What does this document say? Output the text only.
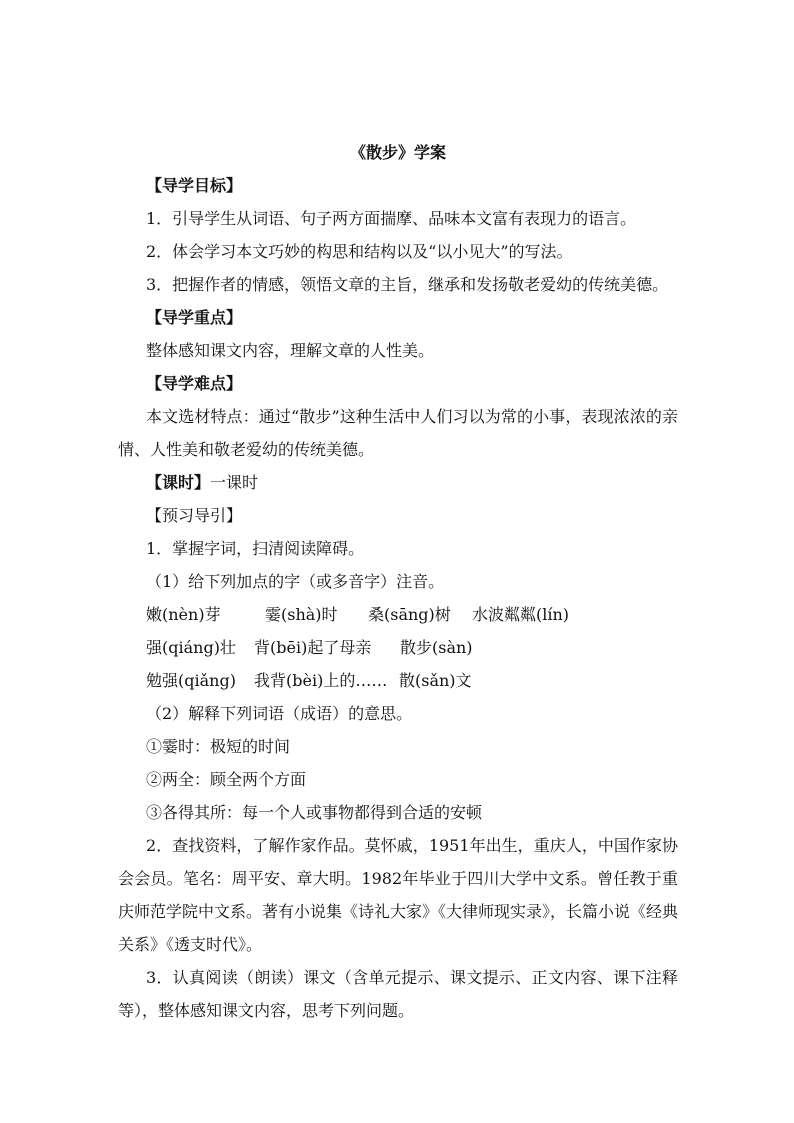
《散步》学案

【导学目标】

1．引导学生从词语、句子两方面揣摩、品味本文富有表现力的语言。

2．体会学习本文巧妙的构思和结构以及“以小见大”的写法。

3．把握作者的情感，领悟文章的主旨，继承和发扬敬老爱幼的传统美德。

【导学重点】

整体感知课文内容，理解文章的人性美。

【导学难点】

本文选材特点：通过“散步”这种生活中人们习以为常的小事，表现浓浓的亲情、人性美和敬老爱幼的传统美德。

【课时】一课时

【预习导引】

1．掌握字词，扫清阅读障碍。

（1）给下列加点的字（或多音字）注音。

嫩(nèn)芽	霎(shà)时 桑(sāng)树 水波粼粼(lín)

强(qiáng)壮 背(bēi)起了母亲 散步(sàn)

勉强(qiǎng) 我背(bèi)上的…… 散(sǎn)文

（2）解释下列词语（成语）的意思。

①霎时：极短的时间

②两全：顾全两个方面

③各得其所：每一个人或事物都得到合适的安顿

2．查找资料，了解作家作品。莫怀戚，1951年出生，重庆人，中国作家协会会员。笔名：周平安、章大明。1982年毕业于四川大学中文系。曾任教于重庆师范学院中文系。著有小说集《诗礼大家》《大律师现实录》，长篇小说《经典关系》《透支时代》。

3．认真阅读（朗读）课文（含单元提示、课文提示、正文内容、课下注释等），整体感知课文内容，思考下列问题。
